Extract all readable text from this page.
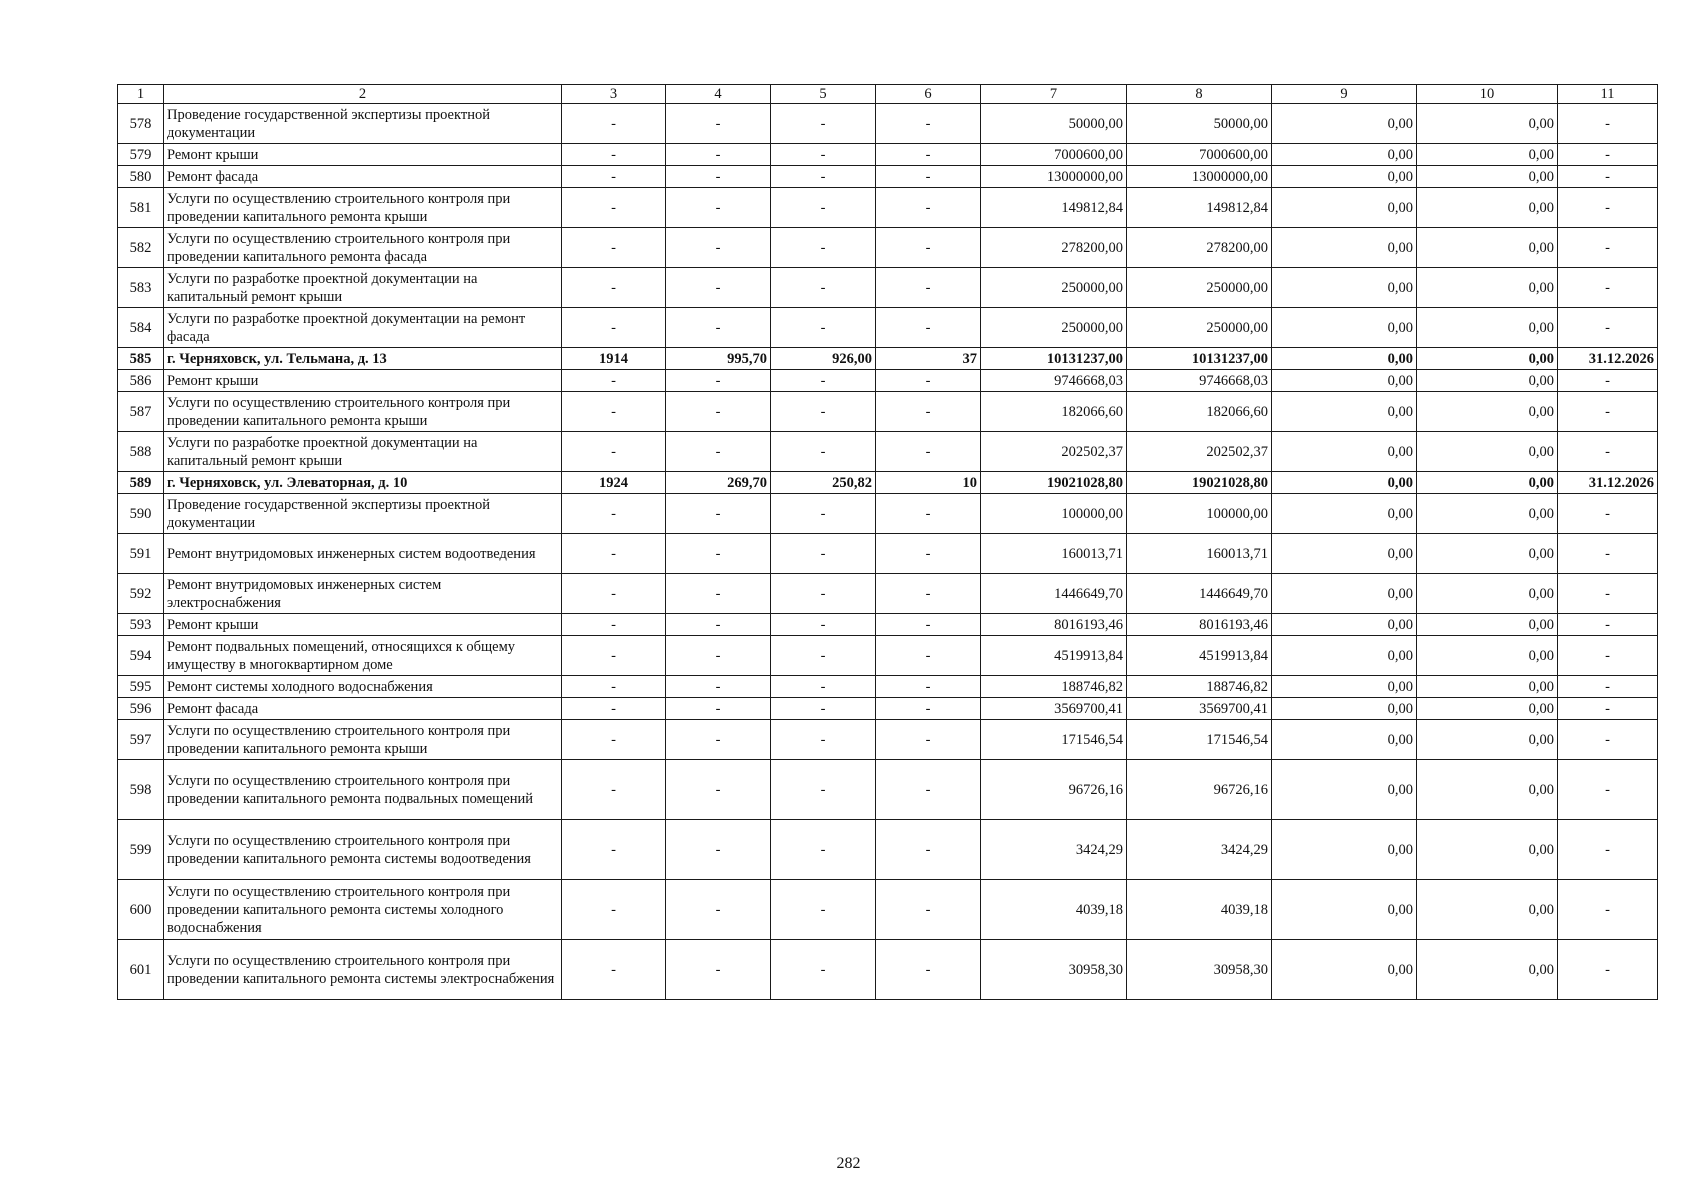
1	2	3	4	5	6	7	8	9	10	11
578	Проведение государственной экспертизы проектной документации	-	-	-	-	50000,00	50000,00	0,00	0,00	-
579	Ремонт крыши	-	-	-	-	7000600,00	7000600,00	0,00	0,00	-
580	Ремонт фасада	-	-	-	-	13000000,00	13000000,00	0,00	0,00	-
581	Услуги по осуществлению строительного контроля при проведении капитального ремонта крыши	-	-	-	-	149812,84	149812,84	0,00	0,00	-
582	Услуги по осуществлению строительного контроля при проведении капитального ремонта фасада	-	-	-	-	278200,00	278200,00	0,00	0,00	-
583	Услуги по разработке проектной документации на капитальный ремонт крыши	-	-	-	-	250000,00	250000,00	0,00	0,00	-
584	Услуги по разработке проектной документации на ремонт фасада	-	-	-	-	250000,00	250000,00	0,00	0,00	-
585	г. Черняховск, ул. Тельмана, д. 13	1914	995,70	926,00	37	10131237,00	10131237,00	0,00	0,00	31.12.2026
586	Ремонт крыши	-	-	-	-	9746668,03	9746668,03	0,00	0,00	-
587	Услуги по осуществлению строительного контроля при проведении капитального ремонта крыши	-	-	-	-	182066,60	182066,60	0,00	0,00	-
588	Услуги по разработке проектной документации на капитальный ремонт крыши	-	-	-	-	202502,37	202502,37	0,00	0,00	-
589	г. Черняховск, ул. Элеваторная, д. 10	1924	269,70	250,82	10	19021028,80	19021028,80	0,00	0,00	31.12.2026
590	Проведение государственной экспертизы проектной документации	-	-	-	-	100000,00	100000,00	0,00	0,00	-
591	Ремонт внутридомовых инженерных систем водоотведения	-	-	-	-	160013,71	160013,71	0,00	0,00	-
592	Ремонт внутридомовых инженерных систем электроснабжения	-	-	-	-	1446649,70	1446649,70	0,00	0,00	-
593	Ремонт крыши	-	-	-	-	8016193,46	8016193,46	0,00	0,00	-
594	Ремонт подвальных помещений, относящихся к общему имуществу в многоквартирном доме	-	-	-	-	4519913,84	4519913,84	0,00	0,00	-
595	Ремонт системы холодного водоснабжения	-	-	-	-	188746,82	188746,82	0,00	0,00	-
596	Ремонт фасада	-	-	-	-	3569700,41	3569700,41	0,00	0,00	-
597	Услуги по осуществлению строительного контроля при проведении капитального ремонта крыши	-	-	-	-	171546,54	171546,54	0,00	0,00	-
598	Услуги по осуществлению строительного контроля при проведении капитального ремонта подвальных помещений	-	-	-	-	96726,16	96726,16	0,00	0,00	-
599	Услуги по осуществлению строительного контроля при проведении капитального ремонта системы водоотведения	-	-	-	-	3424,29	3424,29	0,00	0,00	-
600	Услуги по осуществлению строительного контроля при проведении капитального ремонта системы холодного водоснабжения	-	-	-	-	4039,18	4039,18	0,00	0,00	-
601	Услуги по осуществлению строительного контроля при проведении капитального ремонта системы электроснабжения	-	-	-	-	30958,30	30958,30	0,00	0,00	-
282
